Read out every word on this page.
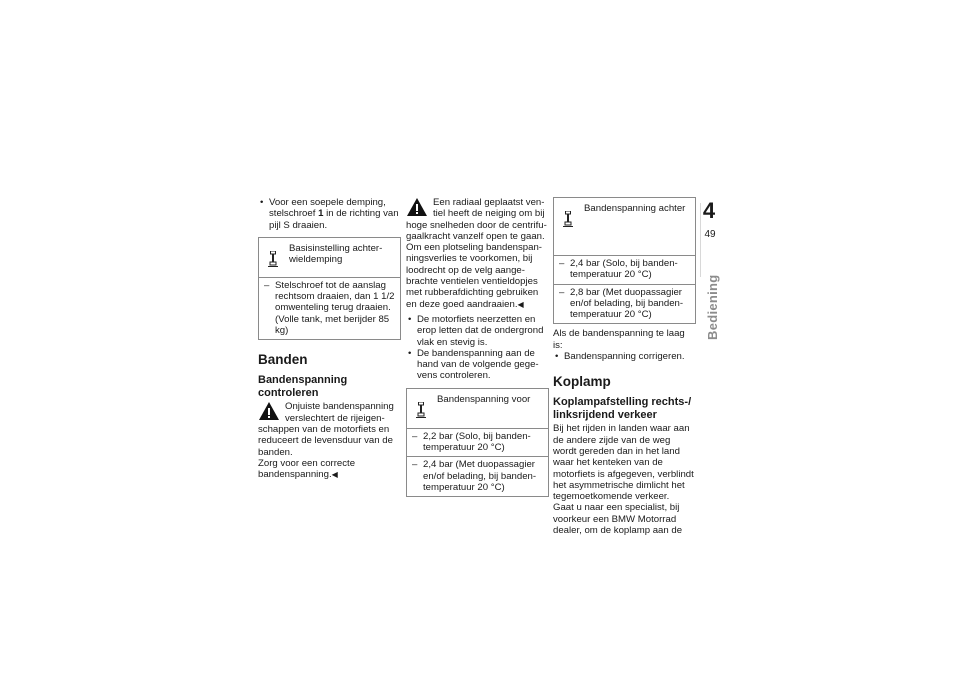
• Voor een soepele demping, stelschroef 1 in de richting van pijl S draaien.

Basisinstelling achter-wieldemping
– Stelschroef tot de aanslag rechtsom draaien, dan 1 1/2 omwenteling terug draaien. (Volle tank, met berijder 85 kg)
Banden
Bandenspanning controleren

Onjuiste bandenspanning verslechtert de rijeigen-

schappen van de motorfiets en reduceert de levensduur van de banden.

Zorg voor een correcte bandenspanning.◀

Een radiaal geplaatst ven-tiel heeft de neiging om bij

hoge snelheden door de centrifu-gaalkracht vanzelf open te gaan. Om een plotseling bandenspan-ningsverlies te voorkomen, bij loodrecht op de velg aange-brachte ventielen ventieldopjes met rubberafdichting gebruiken en deze goed aandraaien.◀

• De motorfiets neerzetten en erop letten dat de ondergrond vlak en stevig is.

• De bandenspanning aan de hand van de volgende gege-vens controleren.

Bandenspanning voor
– 2,2 bar (Solo, bij banden-temperatuur 20 °C)
– 2,4 bar (Met duopassagier en/of belading, bij banden-temperatuur 20 °C)
Bandenspanning achter
– 2,4 bar (Solo, bij banden-temperatuur 20 °C)
– 2,8 bar (Met duopassagier en/of belading, bij banden-temperatuur 20 °C)

Als de bandenspanning te laag is:

• Bandenspanning corrigeren.

Koplamp
Koplampafstelling rechts-/ linksrijdend verkeer

Bij het rijden in landen waar aan de andere zijde van de weg wordt gereden dan in het land waar het kenteken van de motorfiets is afgegeven, verblindt het asymmetrische dimlicht het tegemoetkomende verkeer.

Gaat u naar een specialist, bij voorkeur een BMW Motorrad dealer, om de koplamp aan de

4
49
Bediening
